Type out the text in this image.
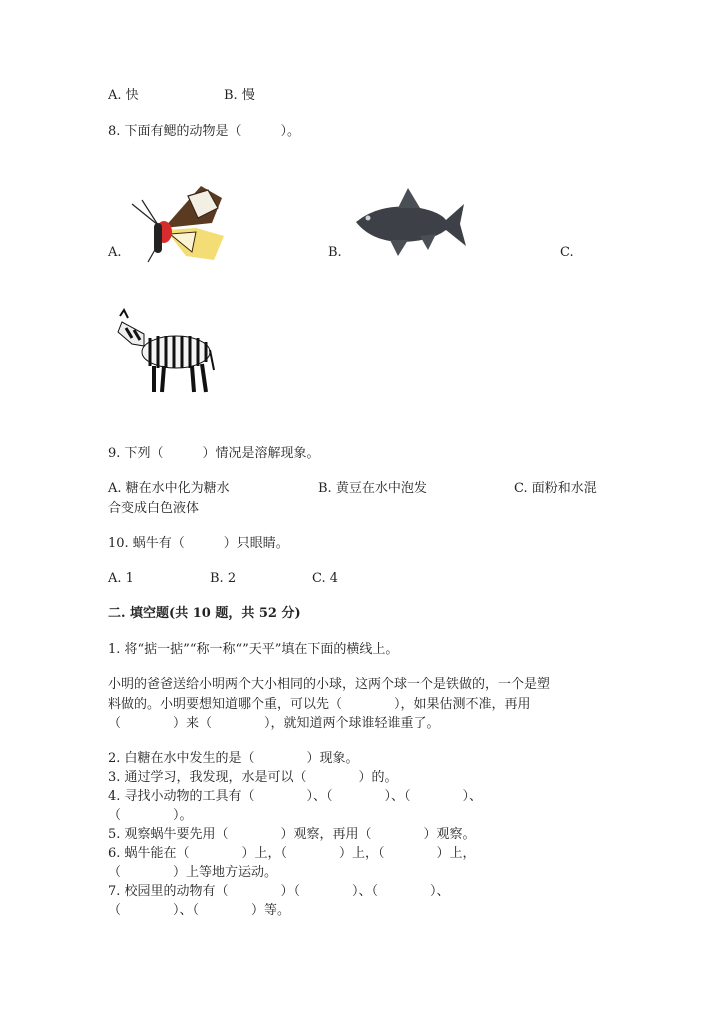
A. 快	B. 慢
8. 下面有鳃的动物是（　　　）。
A.	B.	C.
9. 下列（　　　）情况是溶解现象。
A. 糖在水中化为糖水	B. 黄豆在水中泡发	C. 面粉和水混
合变成白色液体
10. 蜗牛有（　　　）只眼睛。
A. 1	B. 2	C. 4
二. 填空题(共 10 题，共 52 分)
1. 将“掂一掂”“称一称“”天平”填在下面的横线上。
小明的爸爸送给小明两个大小相同的小球，这两个球一个是铁做的，一个是塑
料做的。小明要想知道哪个重，可以先（　　　　），如果估测不准，再用
（　　　　）来（　　　　），就知道两个球谁轻谁重了。
2. 白糖在水中发生的是（　　　　）现象。
3. 通过学习，我发现，水是可以（　　　　）的。
4. 寻找小动物的工具有（　　　　）、（　　　　）、（　　　　）、
（　　　　）。
5. 观察蜗牛要先用（　　　　）观察，再用（　　　　）观察。
6. 蜗牛能在（　　　　）上，（　　　　）上，（　　　　）上，
（　　　　）上等地方运动。
7. 校园里的动物有（　　　　）（　　　　）、（　　　　）、
（　　　　）、（　　　　）等。
